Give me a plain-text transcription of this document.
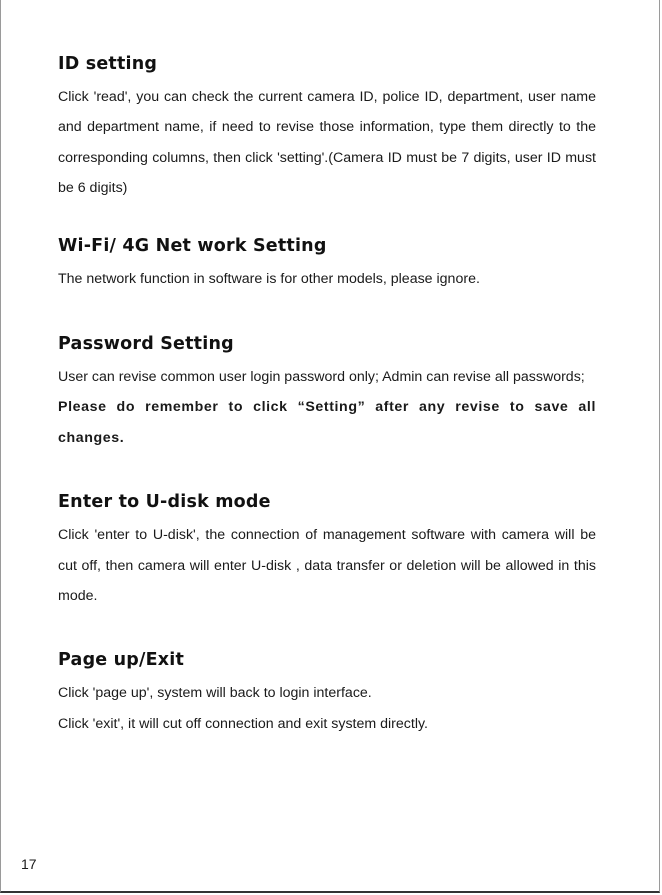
ID setting

Click 'read', you can check the current camera ID, police ID, department, user name and department name, if need to revise those information, type them directly to the corresponding columns, then click 'setting'.(Camera ID must be 7 digits, user ID must be 6 digits)

Wi-Fi/ 4G Net work Setting

The network function in software is for other models, please ignore.

Password Setting

User can revise common user login password only; Admin can revise all passwords;

Please do remember to click “Setting” after any revise to save all changes.

Enter to U-disk mode

Click 'enter to U-disk', the connection of management software with camera will be cut off, then camera will enter U-disk , data transfer or deletion will be allowed in this mode.

Page up/Exit
Click 'page up', system will back to login interface.
Click 'exit', it will cut off connection and exit system directly.
17
